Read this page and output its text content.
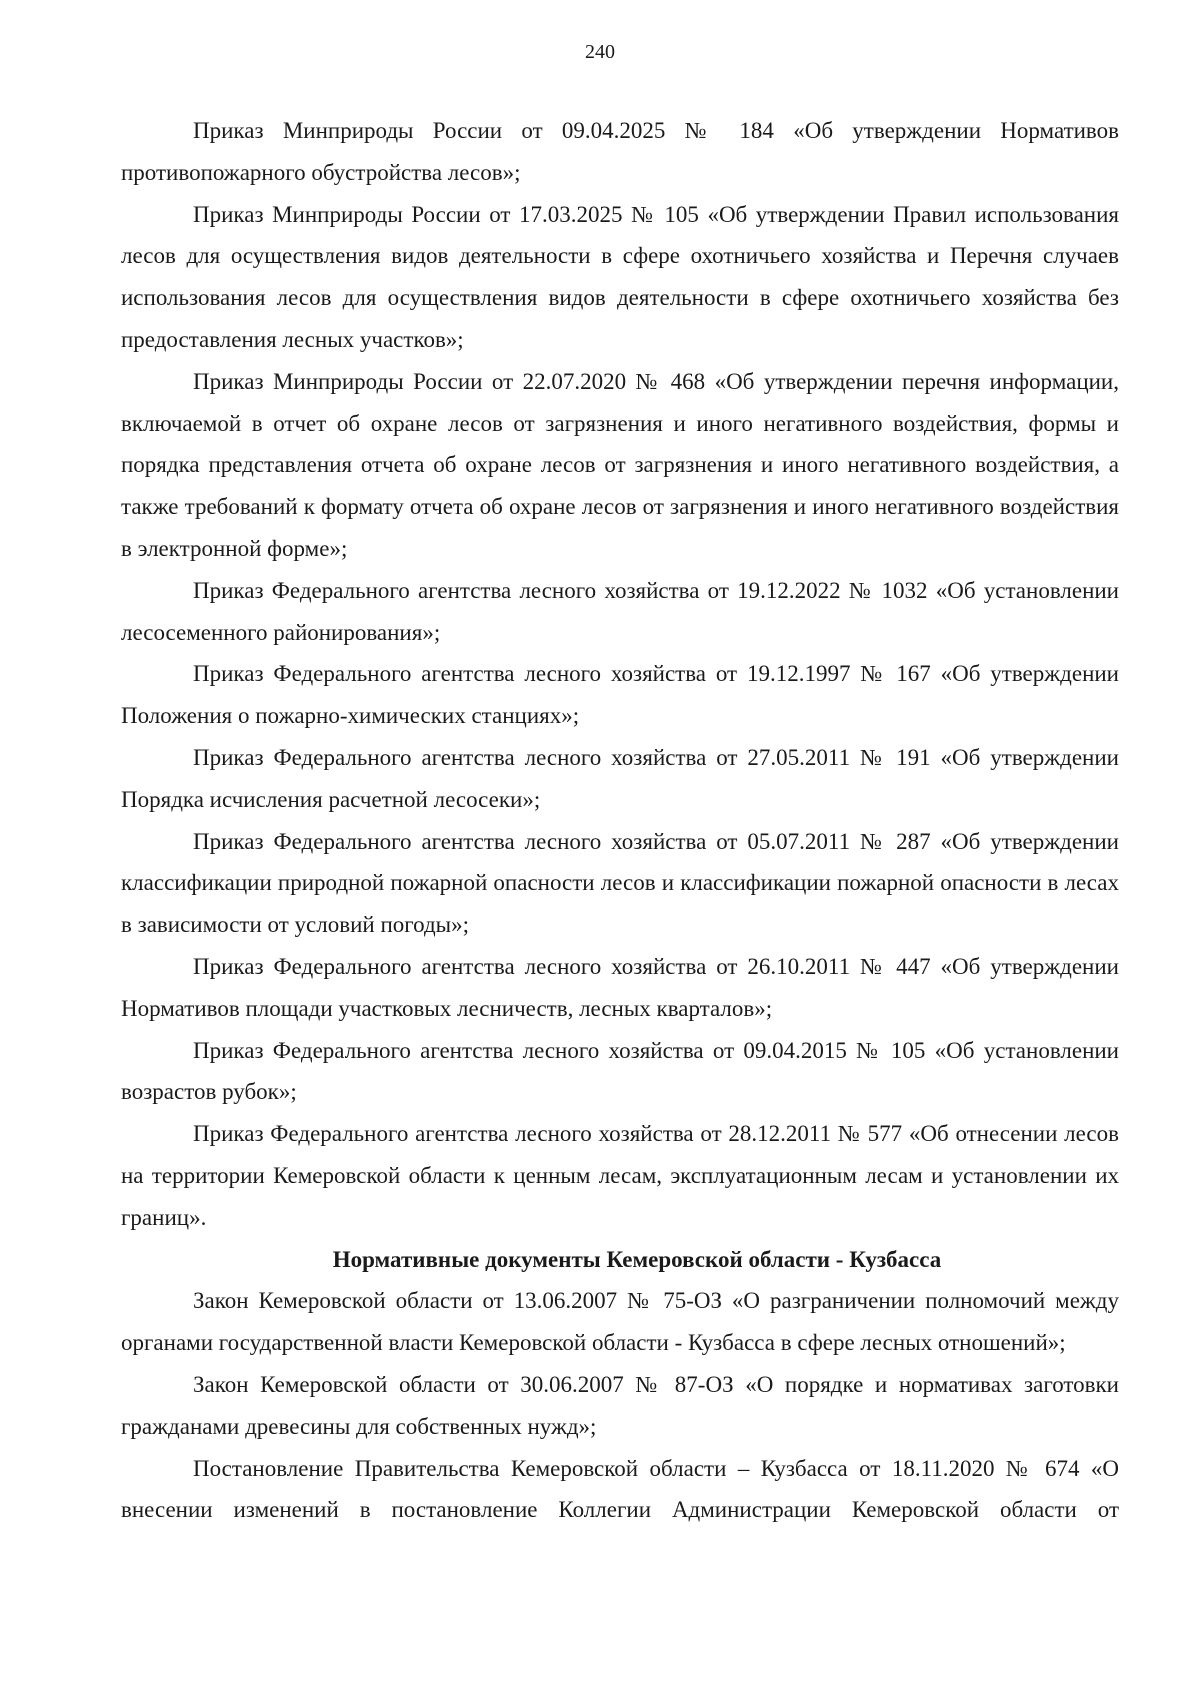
240

Приказ Минприроды России от 09.04.2025 № 184 «Об утверждении Нормативов противопожарного обустройства лесов»;

Приказ Минприроды России от 17.03.2025 № 105 «Об утверждении Правил использования лесов для осуществления видов деятельности в сфере охотничьего хозяйства и Перечня случаев использования лесов для осуществления видов деятельности в сфере охотничьего хозяйства без предоставления лесных участков»;

Приказ Минприроды России от 22.07.2020 № 468 «Об утверждении перечня информации, включаемой в отчет об охране лесов от загрязнения и иного негативного воздействия, формы и порядка представления отчета об охране лесов от загрязнения и иного негативного воздействия, а также требований к формату отчета об охране лесов от загрязнения и иного негативного воздействия в электронной форме»;

Приказ Федерального агентства лесного хозяйства от 19.12.2022 № 1032 «Об установлении лесосеменного районирования»;

Приказ Федерального агентства лесного хозяйства от 19.12.1997 № 167 «Об утверждении Положения о пожарно-химических станциях»;

Приказ Федерального агентства лесного хозяйства от 27.05.2011 № 191 «Об утверждении Порядка исчисления расчетной лесосеки»;

Приказ Федерального агентства лесного хозяйства от 05.07.2011 № 287 «Об утверждении классификации природной пожарной опасности лесов и классификации пожарной опасности в лесах в зависимости от условий погоды»;

Приказ Федерального агентства лесного хозяйства от 26.10.2011 № 447 «Об утверждении Нормативов площади участковых лесничеств, лесных кварталов»;

Приказ Федерального агентства лесного хозяйства от 09.04.2015 № 105 «Об установлении возрастов рубок»;

Приказ Федерального агентства лесного хозяйства от 28.12.2011 № 577 «Об отнесении лесов на территории Кемеровской области к ценным лесам, эксплуатационным лесам и установлении их границ».

Нормативные документы Кемеровской области - Кузбасса

Закон Кемеровской области от 13.06.2007 № 75-ОЗ «О разграничении полномочий между органами государственной власти Кемеровской области - Кузбасса в сфере лесных отношений»;

Закон Кемеровской области от 30.06.2007 № 87-ОЗ «О порядке и нормативах заготовки гражданами древесины для собственных нужд»;

Постановление Правительства Кемеровской области – Кузбасса от 18.11.2020 № 674 «О внесении изменений в постановление Коллегии Администрации Кемеровской области от
